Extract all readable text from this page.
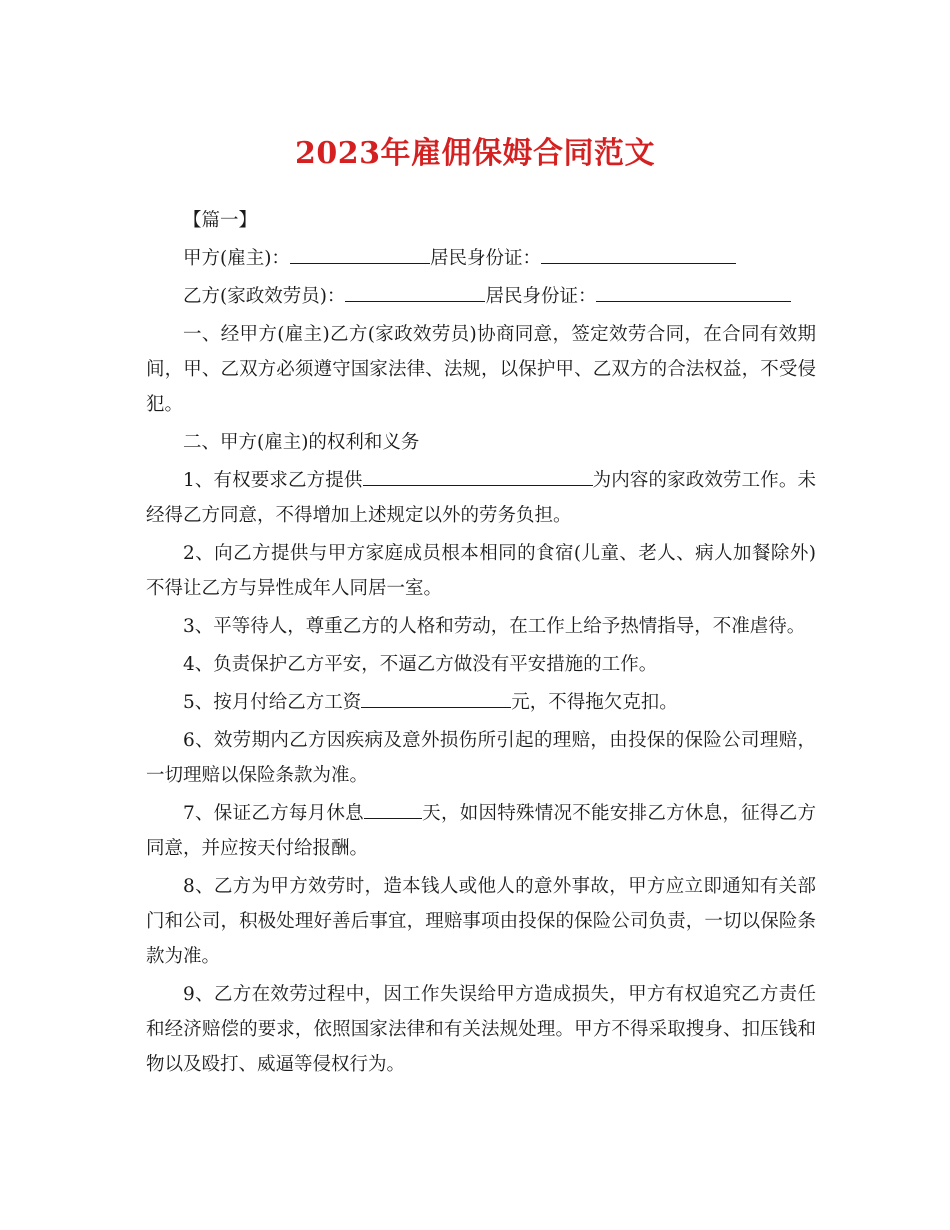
2023年雇佣保姆合同范文
【篇一】
甲方(雇主)：	居民身份证：
乙方(家政效劳员)：	居民身份证：

一、经甲方(雇主)乙方(家政效劳员)协商同意，签定效劳合同，在合同有效期间，甲、乙双方必须遵守国家法律、法规，以保护甲、乙双方的合法权益，不受侵犯。

二、甲方(雇主)的权利和义务

1、有权要求乙方提供	为内容的家政效劳工作。未经得乙方同意，不得增加上述规定以外的劳务负担。

2、向乙方提供与甲方家庭成员根本相同的食宿(儿童、老人、病人加餐除外)不得让乙方与异性成年人同居一室。

3、平等待人，尊重乙方的人格和劳动，在工作上给予热情指导，不准虐待。

4、负责保护乙方平安，不逼乙方做没有平安措施的工作。

5、按月付给乙方工资	元，不得拖欠克扣。

6、效劳期内乙方因疾病及意外损伤所引起的理赔，由投保的保险公司理赔，一切理赔以保险条款为准。

7、保证乙方每月休息	天，如因特殊情况不能安排乙方休息，征得乙方同意，并应按天付给报酬。

8、乙方为甲方效劳时，造本钱人或他人的意外事故，甲方应立即通知有关部门和公司，积极处理好善后事宜，理赔事项由投保的保险公司负责，一切以保险条款为准。

9、乙方在效劳过程中，因工作失误给甲方造成损失，甲方有权追究乙方责任和经济赔偿的要求，依照国家法律和有关法规处理。甲方不得采取搜身、扣压钱和物以及殴打、威逼等侵权行为。
